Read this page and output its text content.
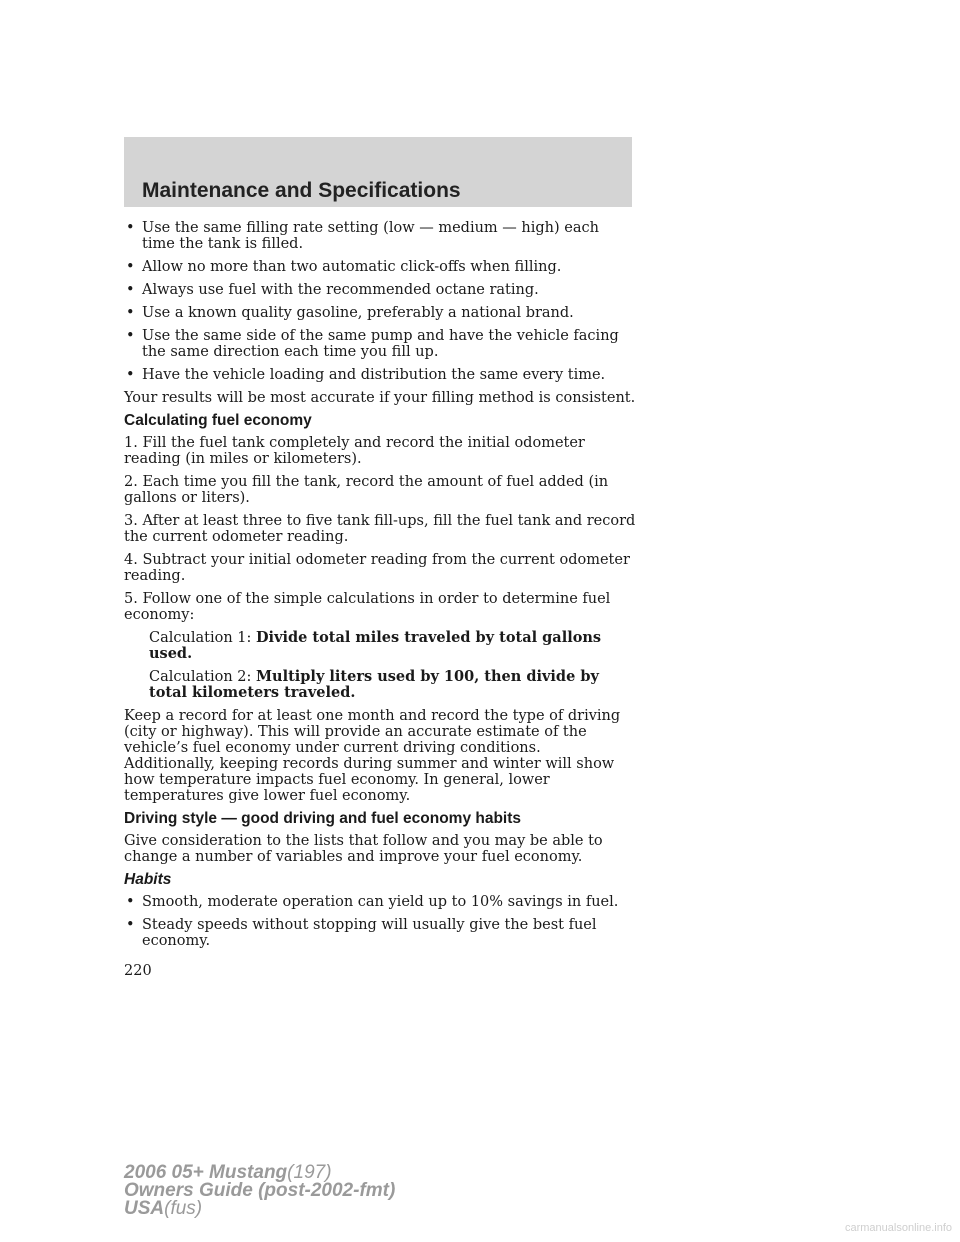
Maintenance and Specifications
• Use the same filling rate setting (low — medium — high) each time the tank is filled.
• Allow no more than two automatic click-offs when filling.
• Always use fuel with the recommended octane rating.
• Use a known quality gasoline, preferably a national brand.
• Use the same side of the same pump and have the vehicle facing the same direction each time you fill up.
• Have the vehicle loading and distribution the same every time.

Your results will be most accurate if your filling method is consistent.

Calculating fuel economy

1. Fill the fuel tank completely and record the initial odometer reading (in miles or kilometers).

2. Each time you fill the tank, record the amount of fuel added (in gallons or liters).

3. After at least three to five tank fill-ups, fill the fuel tank and record the current odometer reading.

4. Subtract your initial odometer reading from the current odometer reading.

5. Follow one of the simple calculations in order to determine fuel economy:

Calculation 1: Divide total miles traveled by total gallons used.

Calculation 2: Multiply liters used by 100, then divide by total kilometers traveled.

Keep a record for at least one month and record the type of driving (city or highway). This will provide an accurate estimate of the vehicle’s fuel economy under current driving conditions. Additionally, keeping records during summer and winter will show how temperature impacts fuel economy. In general, lower temperatures give lower fuel economy.

Driving style — good driving and fuel economy habits

Give consideration to the lists that follow and you may be able to change a number of variables and improve your fuel economy.

Habits
• Smooth, moderate operation can yield up to 10% savings in fuel.
• Steady speeds without stopping will usually give the best fuel economy.

220

2006 05+ Mustang(197)
Owners Guide (post-2002-fmt)
USA(fus)
carmanualsonline.info
